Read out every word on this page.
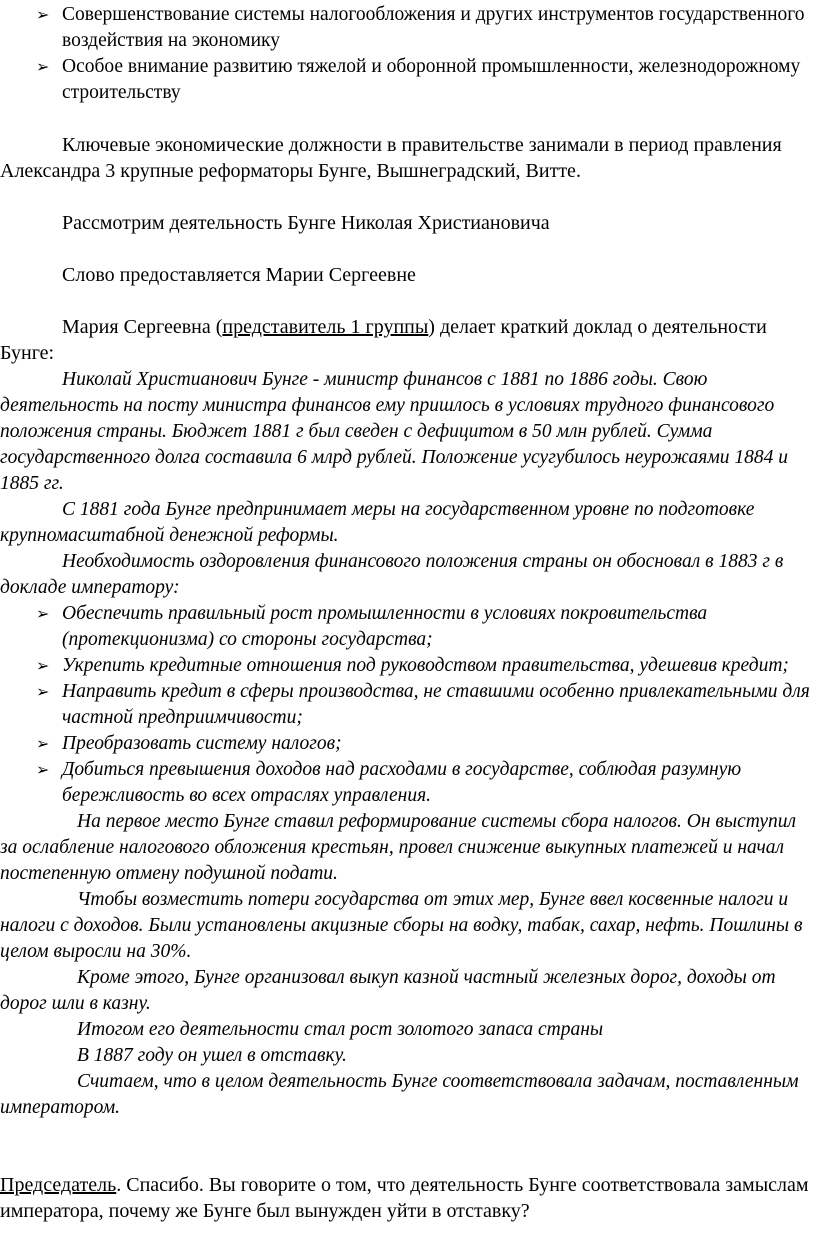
➢ Совершенствование системы налогообложения и других инструментов государственного воздействия на экономику
➢ Особое внимание развитию тяжелой и оборонной промышленности, железнодорожному строительству
Ключевые экономические должности в правительстве занимали в период правления Александра 3 крупные реформаторы Бунге, Вышнеградский, Витте.
Рассмотрим деятельность Бунге Николая Христиановича
Слово предоставляется Марии Сергеевне
Мария Сергеевна (представитель 1 группы) делает краткий доклад о деятельности Бунге:
Николай Христианович Бунге - министр финансов с 1881 по 1886 годы. Свою деятельность на посту министра финансов ему пришлось в условиях трудного финансового положения страны. Бюджет 1881 г был сведен с дефицитом в 50 млн рублей. Сумма государственного долга составила 6 млрд рублей. Положение усугубилось неурожаями 1884 и 1885 гг.
С 1881 года Бунге предпринимает меры на государственном уровне по подготовке крупномасштабной денежной реформы.
Необходимость оздоровления финансового положения страны он обосновал в 1883 г в докладе императору:
➢ Обеспечить правильный рост промышленности в условиях покровительства (протекционизма) со стороны государства;
➢ Укрепить кредитные отношения под руководством правительства, удешевив кредит;
➢ Направить кредит в сферы производства, не ставшими особенно привлекательными для частной предприимчивости;
➢ Преобразовать систему налогов;
➢ Добиться превышения доходов над расходами в государстве, соблюдая разумную бережливость во всех отраслях управления.
На первое место Бунге ставил реформирование системы сбора налогов. Он выступил за ослабление налогового обложения крестьян, провел снижение выкупных платежей и начал постепенную отмену подушной подати.
Чтобы возместить потери государства от этих мер, Бунге ввел косвенные налоги и налоги с доходов. Были установлены акцизные сборы на водку, табак, сахар, нефть. Пошлины в целом выросли на 30%.
Кроме этого, Бунге организовал выкуп казной частный железных дорог, доходы от дорог шли в казну.
Итогом его деятельности стал рост золотого запаса страны
В 1887 году он ушел в отставку.
Считаем, что в целом деятельность Бунге соответствовала задачам, поставленным императором.
Председатель. Спасибо. Вы говорите о том, что деятельность Бунге соответствовала замыслам императора, почему же Бунге был вынужден уйти в отставку?
